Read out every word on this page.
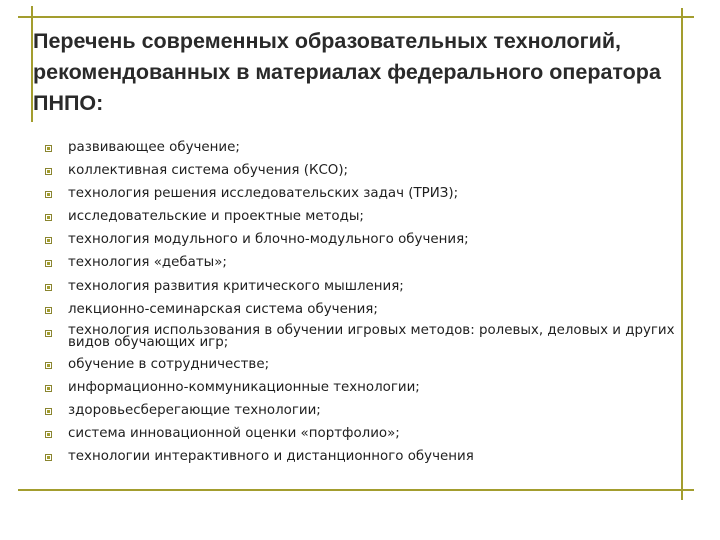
Перечень современных образовательных технологий, рекомендованных в материалах федерального оператора ПНПО:
развивающее обучение;
коллективная система обучения (КСО);
технология решения исследовательских задач (ТРИЗ);
исследовательские и проектные методы;
технология модульного и блочно-модульного обучения;
технология «дебаты»;
технология развития критического мышления;
лекционно-семинарская система обучения;
технология использования в обучении игровых методов: ролевых, деловых и других видов обучающих игр;
обучение в сотрудничестве;
информационно-коммуникационные технологии;
здоровьесберегающие технологии;
система инновационной оценки «портфолио»;
технологии интерактивного и дистанционного обучения
